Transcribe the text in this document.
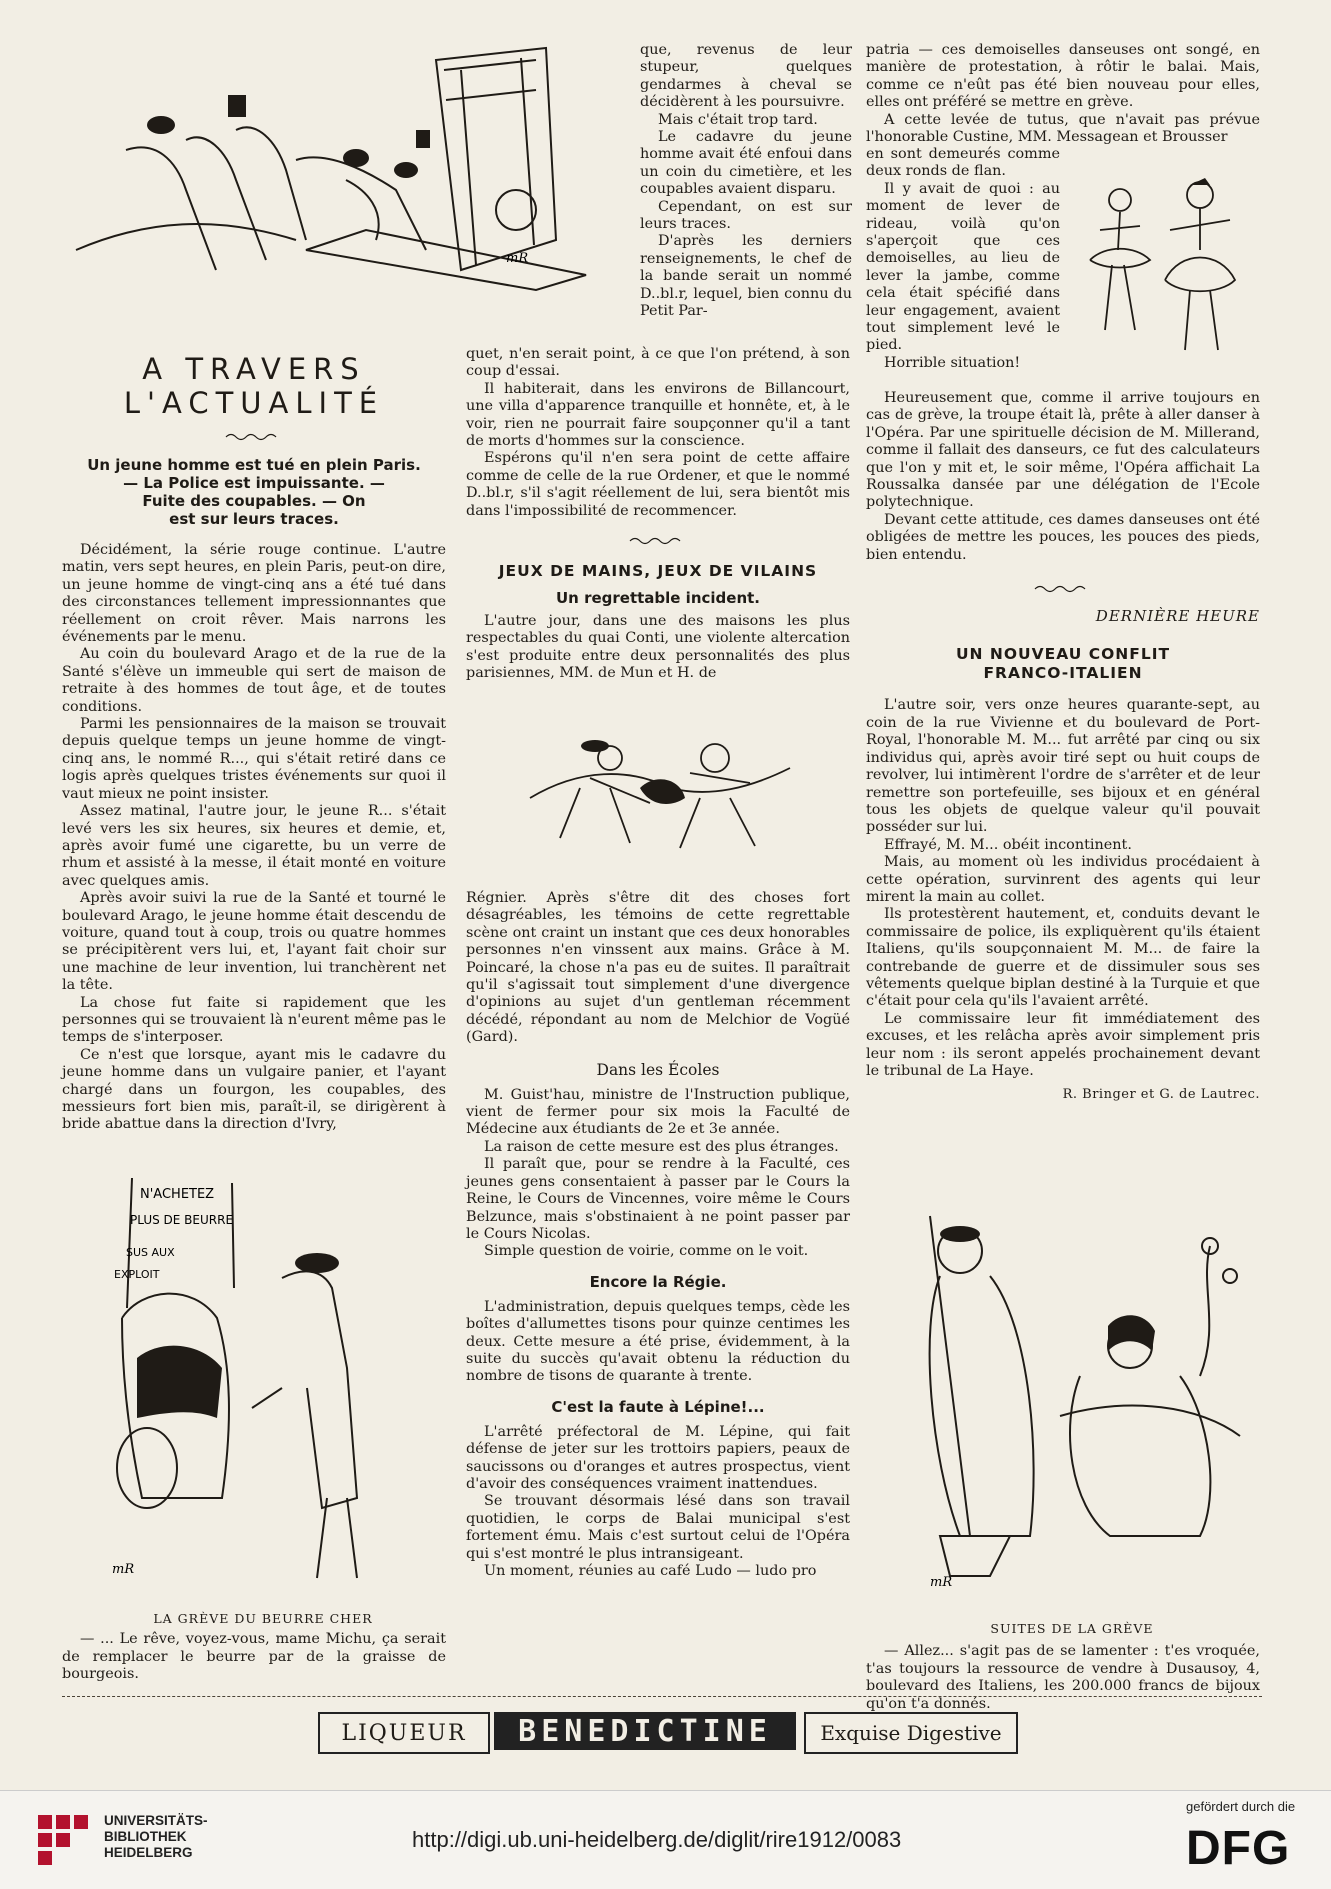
mR
A TRAVERS
L'ACTUALITÉ
Un jeune homme est tué en plein Paris.
— La Police est impuissante. —
Fuite des coupables. — On
est sur leurs traces.

Décidément, la série rouge continue. L'autre matin, vers sept heures, en plein Paris, peut-on dire, un jeune homme de vingt-cinq ans a été tué dans des circonstances tellement impressionnantes que réellement on croit rêver. Mais narrons les événements par le menu.

Au coin du boulevard Arago et de la rue de la Santé s'élève un immeuble qui sert de maison de retraite à des hommes de tout âge, et de toutes conditions.

Parmi les pensionnaires de la maison se trouvait depuis quelque temps un jeune homme de vingt-cinq ans, le nommé R..., qui s'était retiré dans ce logis après quelques tristes événements sur quoi il vaut mieux ne point insister.

Assez matinal, l'autre jour, le jeune R... s'était levé vers les six heures, six heures et demie, et, après avoir fumé une cigarette, bu un verre de rhum et assisté à la messe, il était monté en voiture avec quelques amis.

Après avoir suivi la rue de la Santé et tourné le boulevard Arago, le jeune homme était descendu de voiture, quand tout à coup, trois ou quatre hommes se précipitèrent vers lui, et, l'ayant fait choir sur une machine de leur invention, lui tranchèrent net la tête.

La chose fut faite si rapidement que les personnes qui se trouvaient là n'eurent même pas le temps de s'interposer.

Ce n'est que lorsque, ayant mis le cadavre du jeune homme dans un vulgaire panier, et l'ayant chargé dans un fourgon, les coupables, des messieurs fort bien mis, paraît-il, se dirigèrent à bride abattue dans la direction d'Ivry,

N'ACHETEZ
PLUS DE BEURRE
SUS AUX
EXPLOIT
mR

LA GRÈVE DU BEURRE CHER

— ... Le rêve, voyez-vous, mame Michu, ça serait de remplacer le beurre par de la graisse de bourgeois.

que, revenus de leur stupeur, quelques gendarmes à cheval se décidèrent à les poursuivre.

Mais c'était trop tard.

Le cadavre du jeune homme avait été enfoui dans un coin du cimetière, et les coupables avaient disparu.

Cependant, on est sur leurs traces.

D'après les derniers renseignements, le chef de la bande serait un nommé D..bl.r, lequel, bien connu du Petit Par-

quet, n'en serait point, à ce que l'on prétend, à son coup d'essai.

Il habiterait, dans les environs de Billancourt, une villa d'apparence tranquille et honnête, et, à le voir, rien ne pourrait faire soupçonner qu'il a tant de morts d'hommes sur la conscience.

Espérons qu'il n'en sera point de cette affaire comme de celle de la rue Ordener, et que le nommé D..bl.r, s'il s'agit réellement de lui, sera bientôt mis dans l'impossibilité de recommencer.

JEUX DE MAINS, JEUX DE VILAINS
Un regrettable incident.

L'autre jour, dans une des maisons les plus respectables du quai Conti, une violente altercation s'est produite entre deux personnalités des plus parisiennes, MM. de Mun et H. de

Régnier. Après s'être dit des choses fort désagréables, les témoins de cette regrettable scène ont craint un instant que ces deux honorables personnes n'en vinssent aux mains. Grâce à M. Poincaré, la chose n'a pas eu de suites. Il paraîtrait qu'il s'agissait tout simplement d'une divergence d'opinions au sujet d'un gentleman récemment décédé, répondant au nom de Melchior de Vogüé (Gard).

Dans les Écoles

M. Guist'hau, ministre de l'Instruction publique, vient de fermer pour six mois la Faculté de Médecine aux étudiants de 2e et 3e année.

La raison de cette mesure est des plus étranges.

Il paraît que, pour se rendre à la Faculté, ces jeunes gens consentaient à passer par le Cours la Reine, le Cours de Vincennes, voire même le Cours Belzunce, mais s'obstinaient à ne point passer par le Cours Nicolas.

Simple question de voirie, comme on le voit.

Encore la Régie.

L'administration, depuis quelques temps, cède les boîtes d'allumettes tisons pour quinze centimes les deux. Cette mesure a été prise, évidemment, à la suite du succès qu'avait obtenu la réduction du nombre de tisons de quarante à trente.

C'est la faute à Lépine!...

L'arrêté préfectoral de M. Lépine, qui fait défense de jeter sur les trottoirs papiers, peaux de saucissons ou d'oranges et autres prospectus, vient d'avoir des conséquences vraiment inattendues.

Se trouvant désormais lésé dans son travail quotidien, le corps de Balai municipal s'est fortement ému. Mais c'est surtout celui de l'Opéra qui s'est montré le plus intransigeant.

Un moment, réunies au café Ludo — ludo pro

patria — ces demoiselles danseuses ont songé, en manière de protestation, à rôtir le balai. Mais, comme ce n'eût pas été bien nouveau pour elles, elles ont préféré se mettre en grève.

A cette levée de tutus, que n'avait pas prévue l'honorable Custine, MM. Messagean et Brousser

en sont demeurés comme deux ronds de flan.

Il y avait de quoi : au moment de lever de rideau, voilà qu'on s'aperçoit que ces demoiselles, au lieu de lever la jambe, comme cela était spécifié dans leur engagement, avaient tout simplement levé le pied.

Horrible situation!

Heureusement que, comme il arrive toujours en cas de grève, la troupe était là, prête à aller danser à l'Opéra. Par une spirituelle décision de M. Millerand, comme il fallait des danseurs, ce fut des calculateurs que l'on y mit et, le soir même, l'Opéra affichait La Roussalka dansée par une délégation de l'Ecole polytechnique.

Devant cette attitude, ces dames danseuses ont été obligées de mettre les pouces, les pouces des pieds, bien entendu.

DERNIÈRE HEURE

UN NOUVEAU CONFLIT
FRANCO-ITALIEN

L'autre soir, vers onze heures quarante-sept, au coin de la rue Vivienne et du boulevard de Port-Royal, l'honorable M. M... fut arrêté par cinq ou six individus qui, après avoir tiré sept ou huit coups de revolver, lui intimèrent l'ordre de s'arrêter et de leur remettre son portefeuille, ses bijoux et en général tous les objets de quelque valeur qu'il pouvait posséder sur lui.

Effrayé, M. M... obéit incontinent.

Mais, au moment où les individus procédaient à cette opération, survinrent des agents qui leur mirent la main au collet.

Ils protestèrent hautement, et, conduits devant le commissaire de police, ils expliquèrent qu'ils étaient Italiens, qu'ils soupçonnaient M. M... de faire la contrebande de guerre et de dissimuler sous ses vêtements quelque biplan destiné à la Turquie et que c'était pour cela qu'ils l'avaient arrêté.

Le commissaire leur fit immédiatement des excuses, et les relâcha après avoir simplement pris leur nom : ils seront appelés prochainement devant le tribunal de La Haye.

R. Bringer et G. de Lautrec.

mR

SUITES DE LA GRÈVE

— Allez... s'agit pas de se lamenter : t'es vroquée, t'as toujours la ressource de vendre à Dusausoy, 4, boulevard des Italiens, les 200.000 francs de bijoux qu'on t'a donnés.

LIQUEUR	BENEDICTINE	Exquise Digestive
UNIVERSITÄTS-
BIBLIOTHEK
HEIDELBERG
http://digi.ub.uni-heidelberg.de/diglit/rire1912/0083
gefördert durch die
DFG
